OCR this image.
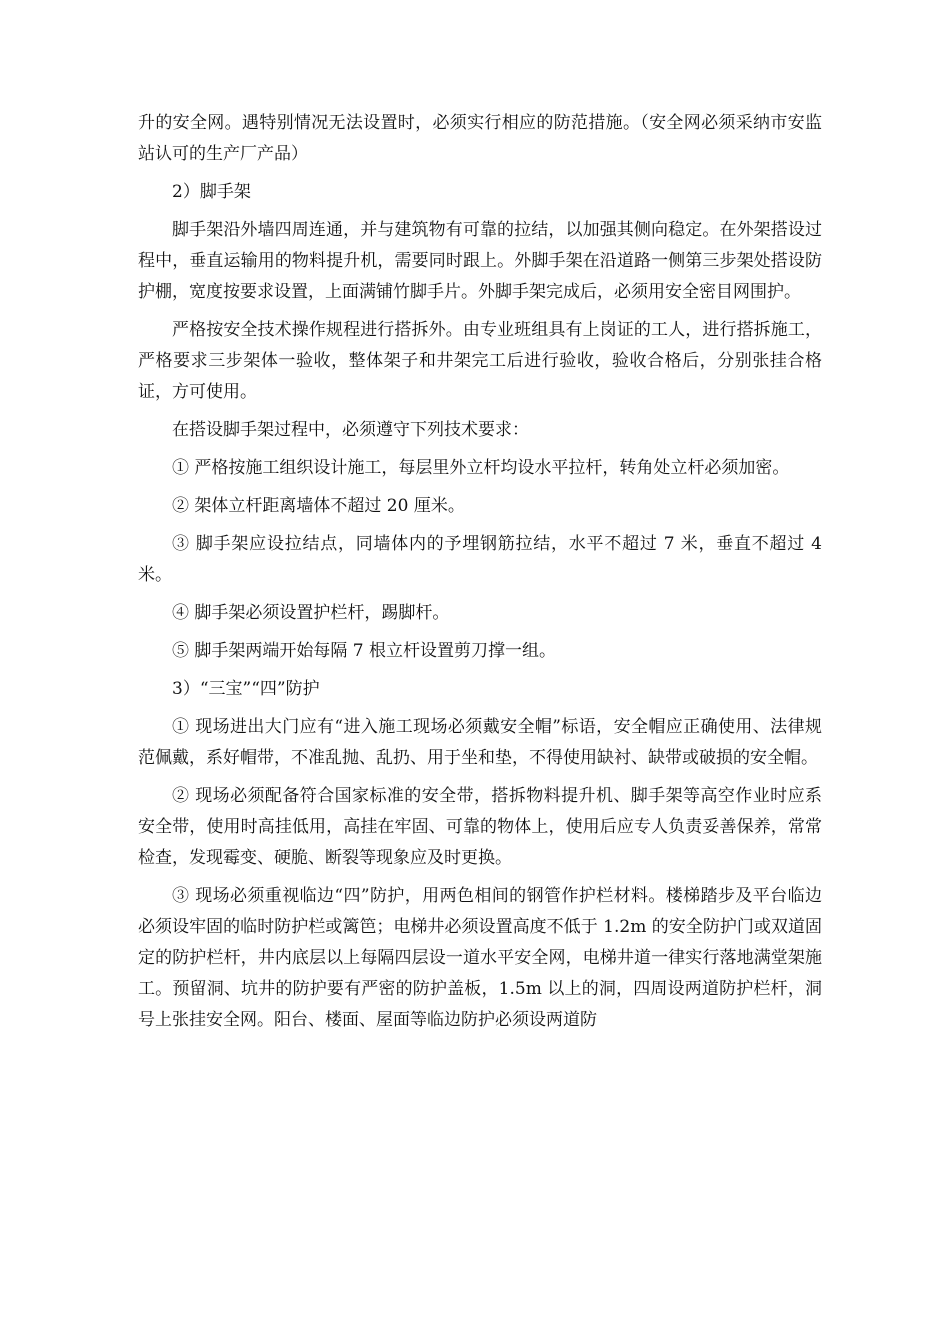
升的安全网。遇特别情况无法设置时，必须实行相应的防范措施。（安全网必须采纳市安监站认可的生产厂产品）

2）脚手架

脚手架沿外墙四周连通，并与建筑物有可靠的拉结，以加强其侧向稳定。在外架搭设过程中，垂直运输用的物料提升机，需要同时跟上。外脚手架在沿道路一侧第三步架处搭设防护棚，宽度按要求设置，上面满铺竹脚手片。外脚手架完成后，必须用安全密目网围护。

严格按安全技术操作规程进行搭拆外。由专业班组具有上岗证的工人，进行搭拆施工，严格要求三步架体一验收，整体架子和井架完工后进行验收，验收合格后，分别张挂合格证，方可使用。

在搭设脚手架过程中，必须遵守下列技术要求：

① 严格按施工组织设计施工，每层里外立杆均设水平拉杆，转角处立杆必须加密。

② 架体立杆距离墙体不超过 20 厘米。

③ 脚手架应设拉结点，同墙体内的予埋钢筋拉结，水平不超过 7 米，垂直不超过 4 米。

④ 脚手架必须设置护栏杆，踢脚杆。

⑤ 脚手架两端开始每隔 7 根立杆设置剪刀撑一组。

3）“三宝”“四”防护

① 现场进出大门应有“进入施工现场必须戴安全帽”标语，安全帽应正确使用、法律规范佩戴，系好帽带，不准乱抛、乱扔、用于坐和垫，不得使用缺衬、缺带或破损的安全帽。

② 现场必须配备符合国家标准的安全带，搭拆物料提升机、脚手架等高空作业时应系安全带，使用时高挂低用，高挂在牢固、可靠的物体上，使用后应专人负责妥善保养，常常检查，发现霉变、硬脆、断裂等现象应及时更换。

③ 现场必须重视临边“四”防护，用两色相间的钢管作护栏材料。楼梯踏步及平台临边必须设牢固的临时防护栏或篱笆；电梯井必须设置高度不低于 1.2m 的安全防护门或双道固定的防护栏杆，井内底层以上每隔四层设一道水平安全网，电梯井道一律实行落地满堂架施工。预留洞、坑井的防护要有严密的防护盖板，1.5m 以上的洞，四周设两道防护栏杆，洞号上张挂安全网。阳台、楼面、屋面等临边防护必须设两道防
